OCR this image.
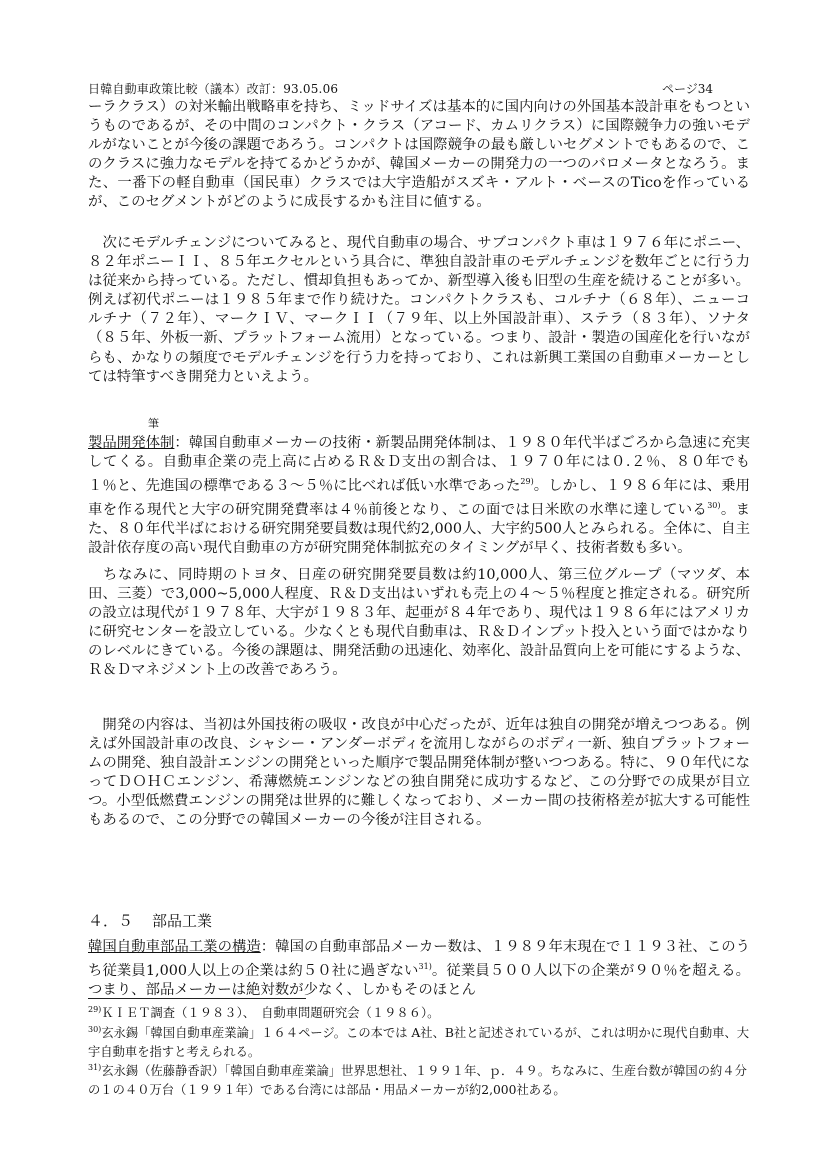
日韓自動車政策比較（議本）改訂：93.05.06	ページ34

ーラクラス）の対米輸出戦略車を持ち、ミッドサイズは基本的に国内向けの外国基本設計車をもつというものであるが、その中間のコンパクト・クラス（アコード、カムリクラス）に国際競争力の強いモデルがないことが今後の課題であろう。コンパクトは国際競争の最も厳しいセグメントでもあるので、このクラスに強力なモデルを持てるかどうかが、韓国メーカーの開発力の一つのバロメータとなろう。また、一番下の軽自動車（国民車）クラスでは大宇造船がスズキ・アルト・ベースのTicoを作っているが、このセグメントがどのように成長するかも注目に値する。

　次にモデルチェンジについてみると、現代自動車の場合、サブコンパクト車は１９７６年にポニー、８２年ポニーＩＩ、８５年エクセルという具合に、準独自設計車のモデルチェンジを数年ごとに行う力は従来から持っている。ただし、慣却負担もあってか、新型導入後も旧型の生産を続けることが多い。例えば初代ポニーは１９８５年まで作り続けた。コンパクトクラスも、コルチナ（６８年）、ニューコルチナ（７２年）、マークＩＶ、マークＩＩ（７９年、以上外国設計車）、ステラ（８３年）、ソナタ（８５年、外板一新、プラットフォーム流用）となっている。つまり、設計・製造の国産化を行いながらも、かなりの頻度でモデルチェンジを行う力を持っており、これは新興工業国の自動車メーカーとしては特筆すべき開発力といえよう。

筆

製品開発体制：韓国自動車メーカーの技術・新製品開発体制は、１９８０年代半ばごろから急速に充実してくる。自動車企業の売上高に占めるＲ＆Ｄ支出の割合は、１９７０年には０.２％、８０年でも１％と、先進国の標準である３～５％に比べれば低い水準であった$^{29)}$。しかし、１９８６年には、乗用車を作る現代と大宇の研究開発費率は４％前後となり、この面では日米欧の水準に達している$^{30)}$。また、８０年代半ばにおける研究開発要員数は現代約2,000人、大宇約500人とみられる。全体に、自主設計依存度の高い現代自動車の方が研究開発体制拡充のタイミングが早く、技術者数も多い。

　ちなみに、同時期のトヨタ、日産の研究開発要員数は約10,000人、第三位グループ（マツダ、本田、三菱）で3,000~5,000人程度、Ｒ＆Ｄ支出はいずれも売上の４～５％程度と推定される。研究所の設立は現代が１９７８年、大宇が１９８３年、起亜が８４年であり、現代は１９８６年にはアメリカに研究センターを設立している。少なくとも現代自動車は、Ｒ＆Ｄインプット投入という面ではかなりのレベルにきている。今後の課題は、開発活動の迅速化、効率化、設計品質向上を可能にするような、Ｒ＆Ｄマネジメント上の改善であろう。

　開発の内容は、当初は外国技術の吸収・改良が中心だったが、近年は独自の開発が増えつつある。例えば外国設計車の改良、シャシー・アンダーボディを流用しながらのボディ一新、独自プラットフォームの開発、独自設計エンジンの開発といった順序で製品開発体制が整いつつある。特に、９０年代になってＤＯＨＣエンジン、希薄燃焼エンジンなどの独自開発に成功するなど、この分野での成果が目立つ。小型低燃費エンジンの開発は世界的に難しくなっており、メーカー間の技術格差が拡大する可能性もあるので、この分野での韓国メーカーの今後が注目される。

４．５ 部品工業

韓国自動車部品工業の構造：韓国の自動車部品メーカー数は、１９８９年末現在で１１９３社、このうち従業員1,000人以上の企業は約５０社に過ぎない$^{31)}$。従業員５００人以下の企業が９０％を超える。つまり、部品メーカーは絶対数が少なく、しかもそのほとん

$^{29)}$ＫＩＥＴ調査（１９８３）、　自動車問題研究会（１９８６）。

$^{30)}$玄永錫「韓国自動車産業論」１６４ページ。この本では A社、B社と記述されているが、これは明かに現代自動車、大宇自動車を指すと考えられる。

$^{31)}$玄永錫（佐藤静香訳）「韓国自動車産業論」世界思想社、１９９１年、ｐ．４９。ちなみに、生産台数が韓国の約４分の１の４０万台（１９９１年）である台湾には部品・用品メーカーが約2,000社ある。
